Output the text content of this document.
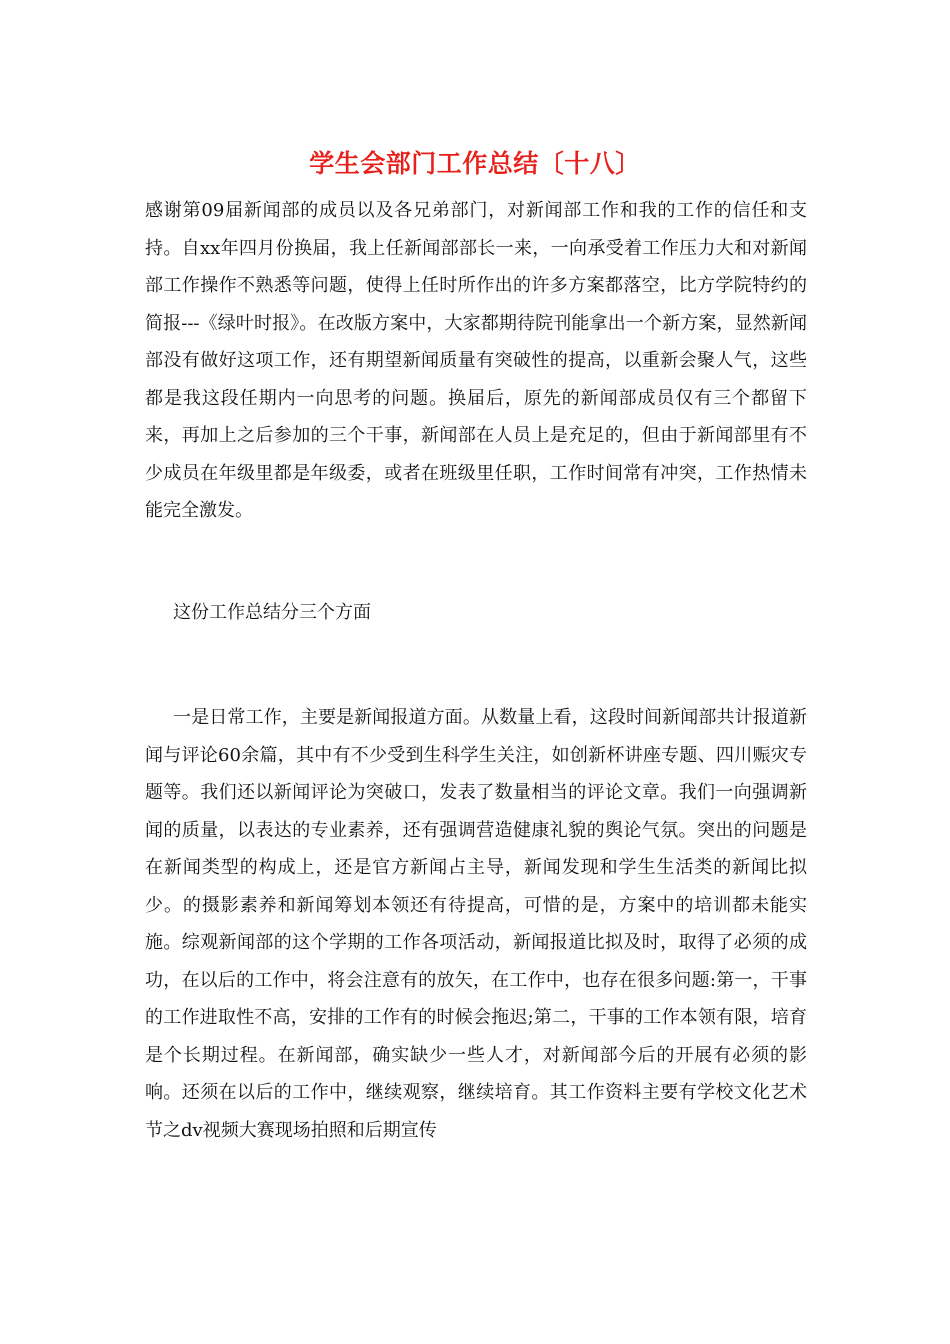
学生会部门工作总结〔十八〕

感谢第09届新闻部的成员以及各兄弟部门，对新闻部工作和我的工作的信任和支持。自xx年四月份换届，我上任新闻部部长一来，一向承受着工作压力大和对新闻部工作操作不熟悉等问题，使得上任时所作出的许多方案都落空，比方学院特约的简报---《绿叶时报》。在改版方案中，大家都期待院刊能拿出一个新方案，显然新闻部没有做好这项工作，还有期望新闻质量有突破性的提高，以重新会聚人气，这些都是我这段任期内一向思考的问题。换届后，原先的新闻部成员仅有三个都留下来，再加上之后参加的三个干事，新闻部在人员上是充足的，但由于新闻部里有不少成员在年级里都是年级委，或者在班级里任职，工作时间常有冲突，工作热情未能完全激发。

这份工作总结分三个方面

一是日常工作，主要是新闻报道方面。从数量上看，这段时间新闻部共计报道新闻与评论60余篇，其中有不少受到生科学生关注，如创新杯讲座专题、四川赈灾专题等。我们还以新闻评论为突破口，发表了数量相当的评论文章。我们一向强调新闻的质量，以表达的专业素养，还有强调营造健康礼貌的舆论气氛。突出的问题是在新闻类型的构成上，还是官方新闻占主导，新闻发现和学生生活类的新闻比拟少。的摄影素养和新闻筹划本领还有待提高，可惜的是，方案中的培训都未能实施。综观新闻部的这个学期的工作各项活动，新闻报道比拟及时，取得了必须的成功，在以后的工作中，将会注意有的放矢，在工作中，也存在很多问题:第一，干事的工作进取性不高，安排的工作有的时候会拖迟;第二，干事的工作本领有限，培育是个长期过程。在新闻部，确实缺少一些人才，对新闻部今后的开展有必须的影响。还须在以后的工作中，继续观察，继续培育。其工作资料主要有学校文化艺术节之dv视频大赛现场拍照和后期宣传
